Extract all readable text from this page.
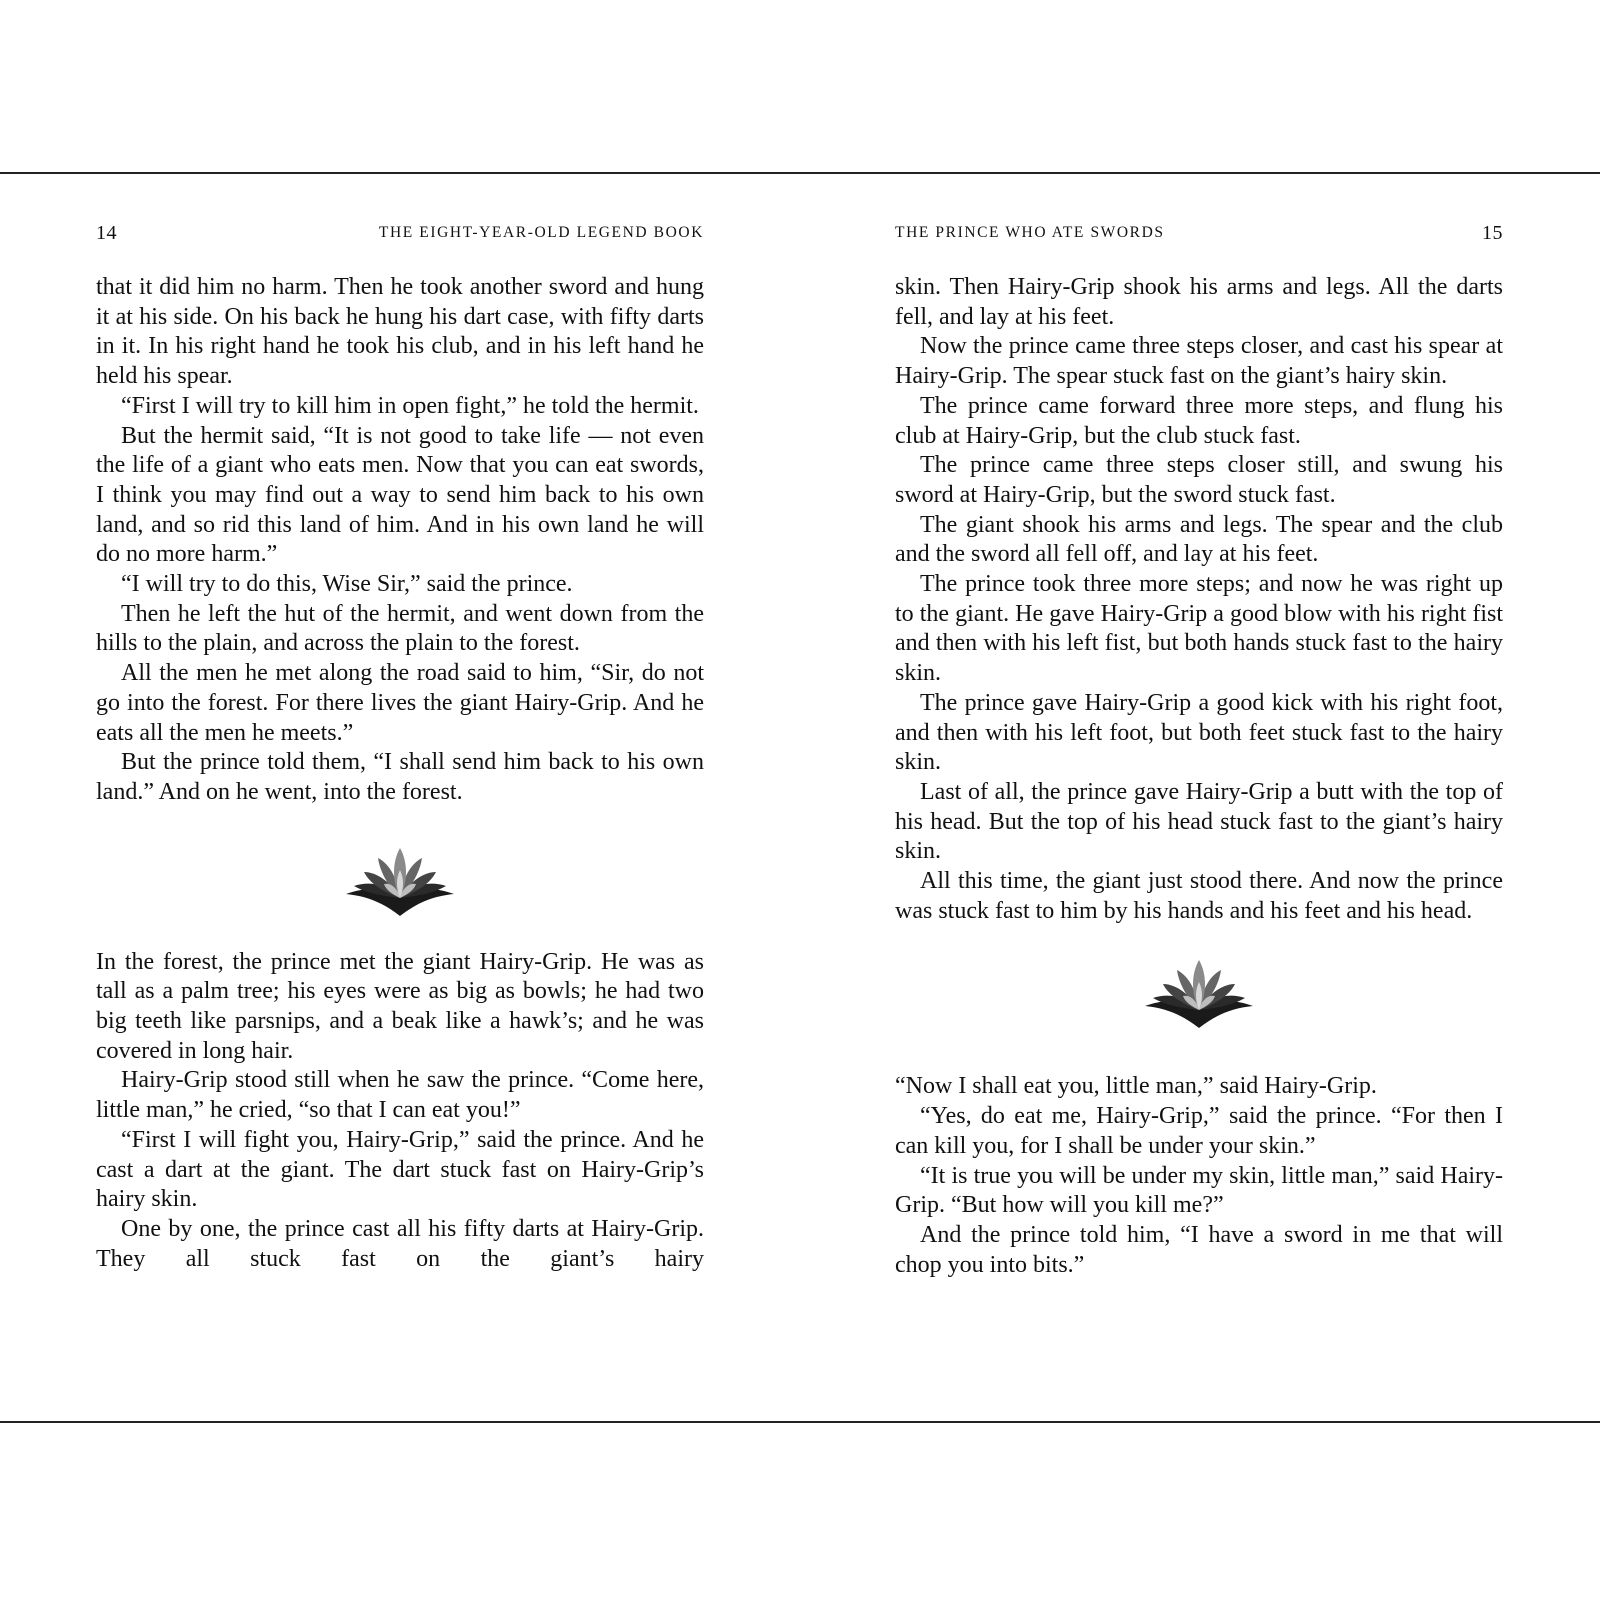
14	THE EIGHT-YEAR-OLD LEGEND BOOK

that it did him no harm. Then he took another sword and hung it at his side. On his back he hung his dart case, with fifty darts in it. In his right hand he took his club, and in his left hand he held his spear.

“First I will try to kill him in open fight,” he told the hermit.

But the hermit said, “It is not good to take life — not even the life of a giant who eats men. Now that you can eat swords, I think you may find out a way to send him back to his own land, and so rid this land of him. And in his own land he will do no more harm.”

“I will try to do this, Wise Sir,” said the prince.

Then he left the hut of the hermit, and went down from the hills to the plain, and across the plain to the forest.

All the men he met along the road said to him, “Sir, do not go into the forest. For there lives the giant Hairy-Grip. And he eats all the men he meets.”

But the prince told them, “I shall send him back to his own land.” And on he went, into the forest.

In the forest, the prince met the giant Hairy-Grip. He was as tall as a palm tree; his eyes were as big as bowls; he had two big teeth like parsnips, and a beak like a hawk’s; and he was covered in long hair.

Hairy-Grip stood still when he saw the prince. “Come here, little man,” he cried, “so that I can eat you!”

“First I will fight you, Hairy-Grip,” said the prince. And he cast a dart at the giant. The dart stuck fast on Hairy-Grip’s hairy skin.

One by one, the prince cast all his fifty darts at Hairy-Grip. They all stuck fast on the giant’s hairy

THE PRINCE WHO ATE SWORDS	15

skin. Then Hairy-Grip shook his arms and legs. All the darts fell, and lay at his feet.

Now the prince came three steps closer, and cast his spear at Hairy-Grip. The spear stuck fast on the giant’s hairy skin.

The prince came forward three more steps, and flung his club at Hairy-Grip, but the club stuck fast.

The prince came three steps closer still, and swung his sword at Hairy-Grip, but the sword stuck fast.

The giant shook his arms and legs. The spear and the club and the sword all fell off, and lay at his feet.

The prince took three more steps; and now he was right up to the giant. He gave Hairy-Grip a good blow with his right fist and then with his left fist, but both hands stuck fast to the hairy skin.

The prince gave Hairy-Grip a good kick with his right foot, and then with his left foot, but both feet stuck fast to the hairy skin.

Last of all, the prince gave Hairy-Grip a butt with the top of his head. But the top of his head stuck fast to the giant’s hairy skin.

All this time, the giant just stood there. And now the prince was stuck fast to him by his hands and his feet and his head.

“Now I shall eat you, little man,” said Hairy-Grip.

“Yes, do eat me, Hairy-Grip,” said the prince. “For then I can kill you, for I shall be under your skin.”

“It is true you will be under my skin, little man,” said Hairy-Grip. “But how will you kill me?”

And the prince told him, “I have a sword in me that will chop you into bits.”
